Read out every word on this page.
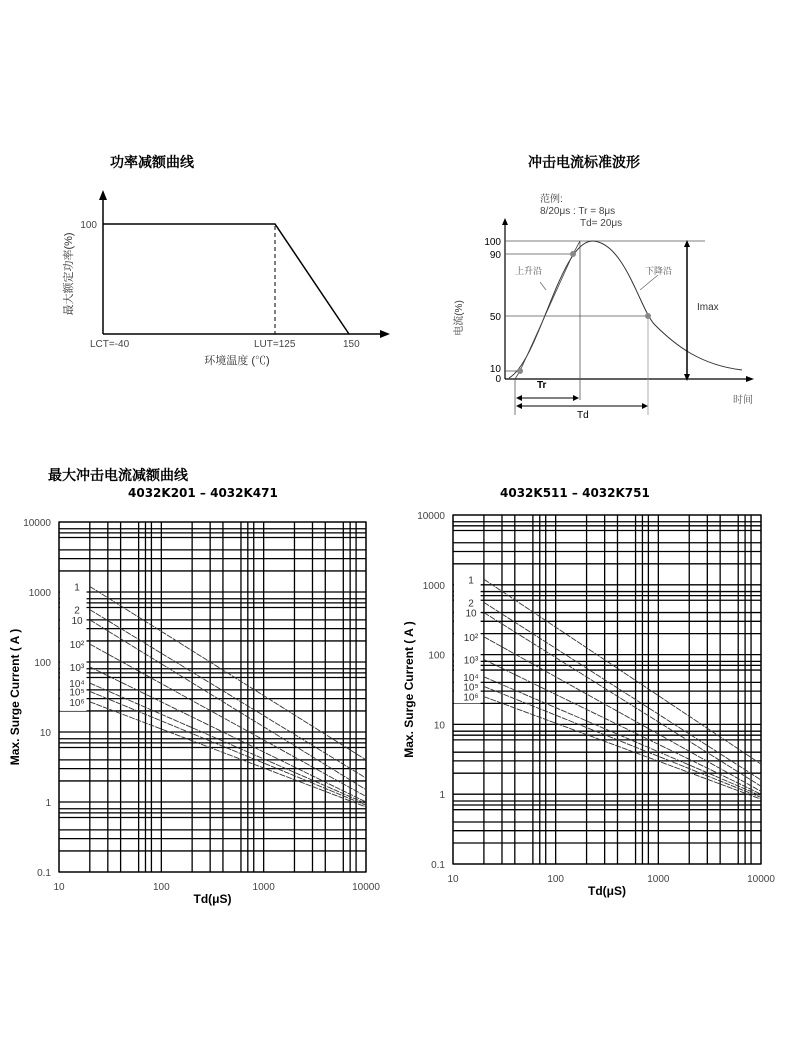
功率减额曲线	冲击电流标准波形
最大冲击电流减额曲线
4032K201 – 4032K471	4032K511 – 4032K751
100
LCT=-40	LUT=125	150
环境温度 (℃)
最大额定功率(%)
范例:
8/20μs : Tr = 8μs
Td= 20μs
100
90
50
10
0
上升沿	下降沿
Imax
Tr
Td
时间
电流(%)
1
2
10
10²
10³
10⁴
10⁵
10⁶
10000
1000
100
10
1
0.1
10	100	1000	10000
Td(μS)
Max. Surge Current ( A )
1
2
10
10²
10³
10⁴
10⁵
10⁶
10000
1000
100
10
1
0.1
10	100	1000	10000
Td(μS)
Max. Surge Current ( A )
